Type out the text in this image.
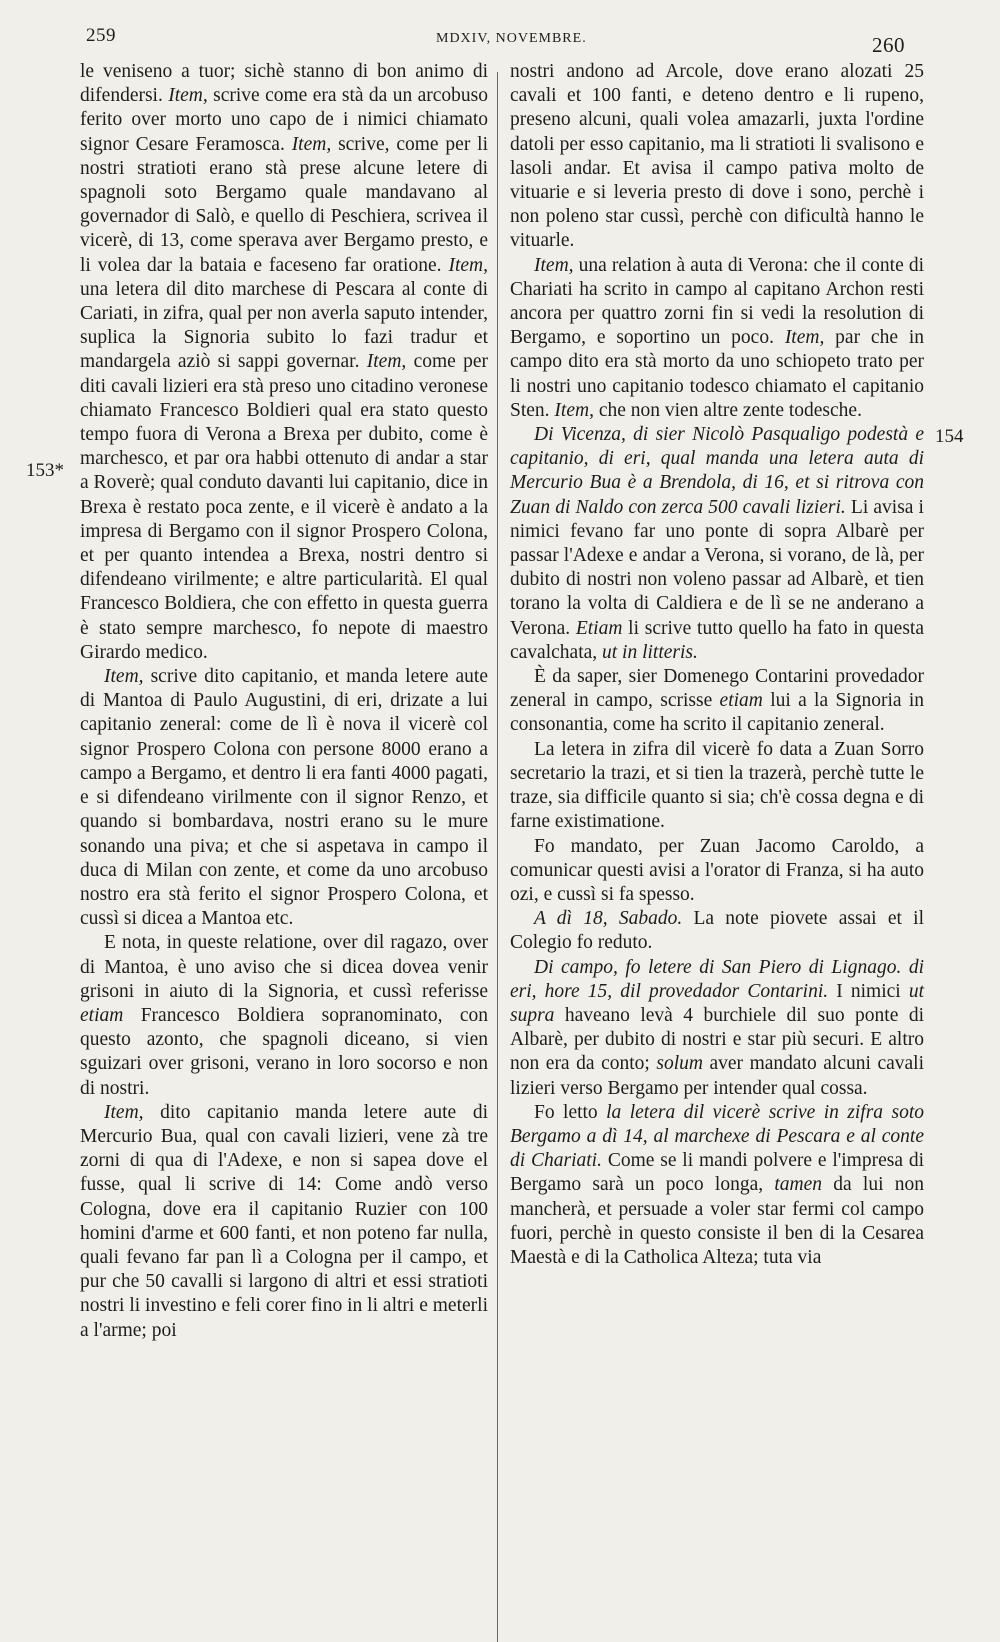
259	MDXIV, NOVEMBRE.	260
153*
154

le veniseno a tuor; sichè stanno di bon animo di difendersi. Item, scrive come era stà da un arcobuso ferito over morto uno capo de i nimici chiamato signor Cesare Feramosca. Item, scrive, come per li nostri stratioti erano stà prese alcune letere di spagnoli soto Bergamo quale mandavano al governador di Salò, e quello di Peschiera, scrivea il vicerè, di 13, come sperava aver Bergamo presto, e li volea dar la bataia e faceseno far oratione. Item, una letera dil dito marchese di Pescara al conte di Cariati, in zifra, qual per non averla saputo intender, suplica la Signoria subito lo fazi tradur et mandargela aziò si sappi governar. Item, come per diti cavali lizieri era stà preso uno citadino veronese chiamato Francesco Boldieri qual era stato questo tempo fuora di Verona a Brexa per dubito, come è marchesco, et par ora habbi ottenuto di andar a star a Roverè; qual conduto davanti lui capitanio, dice in Brexa è restato poca zente, e il vicerè è andato a la impresa di Bergamo con il signor Prospero Colona, et per quanto intendea a Brexa, nostri dentro si difendeano virilmente; e altre particularità. El qual Francesco Boldiera, che con effetto in questa guerra è stato sempre marchesco, fo nepote di maestro Girardo medico.

Item, scrive dito capitanio, et manda letere aute di Mantoa di Paulo Augustini, di eri, drizate a lui capitanio zeneral: come de lì è nova il vicerè col signor Prospero Colona con persone 8000 erano a campo a Bergamo, et dentro li era fanti 4000 pagati, e si difendeano virilmente con il signor Renzo, et quando si bombardava, nostri erano su le mure sonando una piva; et che si aspetava in campo il duca di Milan con zente, et come da uno arcobuso nostro era stà ferito el signor Prospero Colona, et cussì si dicea a Mantoa etc.

E nota, in queste relatione, over dil ragazo, over di Mantoa, è uno aviso che si dicea dovea venir grisoni in aiuto di la Signoria, et cussì referisse etiam Francesco Boldiera sopranominato, con questo azonto, che spagnoli diceano, si vien sguizari over grisoni, verano in loro socorso e non di nostri.

Item, dito capitanio manda letere aute di Mercurio Bua, qual con cavali lizieri, vene zà tre zorni di qua di l'Adexe, e non si sapea dove el fusse, qual li scrive di 14: Come andò verso Cologna, dove era il capitanio Ruzier con 100 homini d'arme et 600 fanti, et non poteno far nulla, quali fevano far pan lì a Cologna per il campo, et pur che 50 cavalli si largono di altri et essi stratioti nostri li investino e feli corer fino in li altri e meterli a l'arme; poi

nostri andono ad Arcole, dove erano alozati 25 cavali et 100 fanti, e deteno dentro e li rupeno, preseno alcuni, quali volea amazarli, juxta l'ordine datoli per esso capitanio, ma li stratioti li svalisono e lasoli andar. Et avisa il campo pativa molto de vituarie e si leveria presto di dove i sono, perchè i non poleno star cussì, perchè con dificultà hanno le vituarle.

Item, una relation à auta di Verona: che il conte di Chariati ha scrito in campo al capitano Archon resti ancora per quattro zorni fin si vedi la resolution di Bergamo, e soportino un poco. Item, par che in campo dito era stà morto da uno schiopeto trato per li nostri uno capitanio todesco chiamato el capitanio Sten. Item, che non vien altre zente todesche.

Di Vicenza, di sier Nicolò Pasqualigo podestà e capitanio, di eri, qual manda una letera auta di Mercurio Bua è a Brendola, di 16, et si ritrova con Zuan di Naldo con zerca 500 cavali lizieri. Li avisa i nimici fevano far uno ponte di sopra Albarè per passar l'Adexe e andar a Verona, si vorano, de là, per dubito di nostri non voleno passar ad Albarè, et tien torano la volta di Caldiera e de lì se ne anderano a Verona. Etiam li scrive tutto quello ha fato in questa cavalchata, ut in litteris.

È da saper, sier Domenego Contarini provedador zeneral in campo, scrisse etiam lui a la Signoria in consonantia, come ha scrito il capitanio zeneral.

La letera in zifra dil vicerè fo data a Zuan Sorro secretario la trazi, et si tien la trazerà, perchè tutte le traze, sia difficile quanto si sia; ch'è cossa degna e di farne existimatione.

Fo mandato, per Zuan Jacomo Caroldo, a comunicar questi avisi a l'orator di Franza, si ha auto ozi, e cussì si fa spesso.

A dì 18, Sabado. La note piovete assai et il Colegio fo reduto.

Di campo, fo letere di San Piero di Lignago. di eri, hore 15, dil provedador Contarini. I nimici ut supra haveano levà 4 burchiele dil suo ponte di Albarè, per dubito di nostri e star più securi. E altro non era da conto; solum aver mandato alcuni cavali lizieri verso Bergamo per intender qual cossa.

Fo letto la letera dil vicerè scrive in zifra soto Bergamo a dì 14, al marchexe di Pescara e al conte di Chariati. Come se li mandi polvere e l'impresa di Bergamo sarà un poco longa, tamen da lui non mancherà, et persuade a voler star fermi col campo fuori, perchè in questo consiste il ben di la Cesarea Maestà e di la Catholica Alteza; tuta via
